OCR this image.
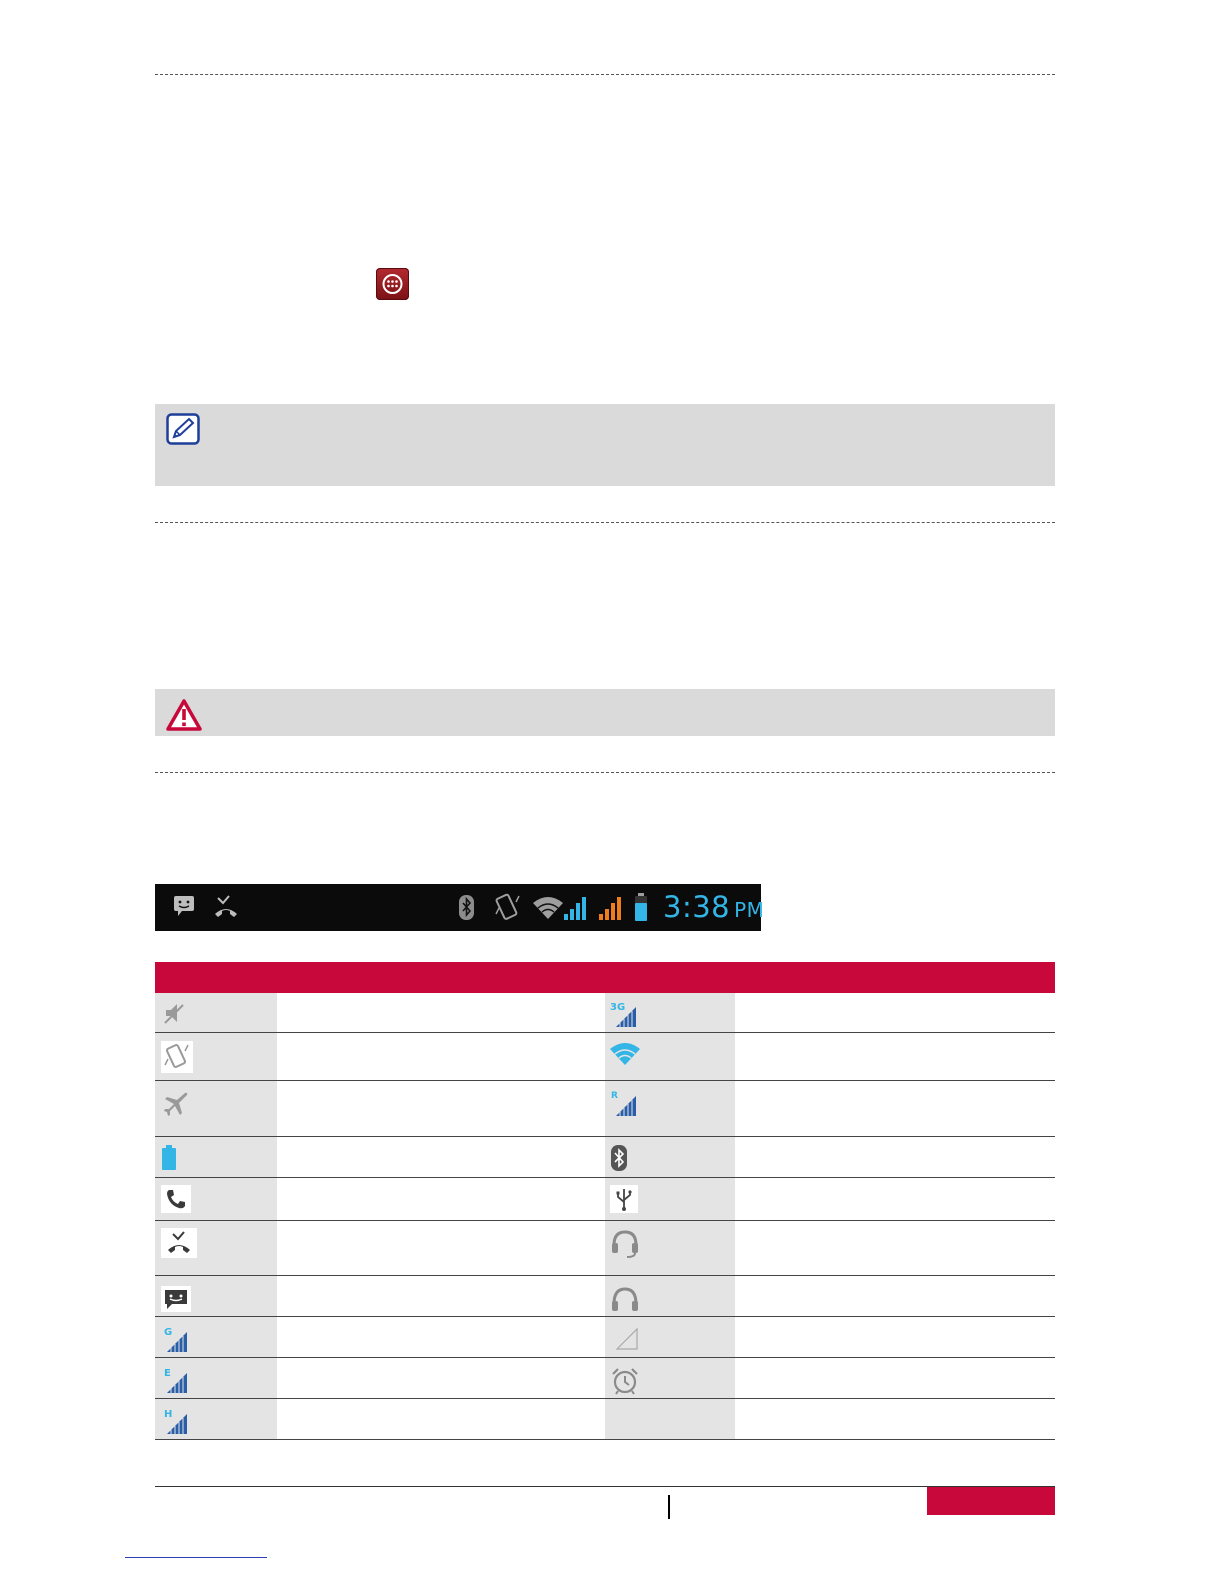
3:38 PM
3G
R
G
E
H
